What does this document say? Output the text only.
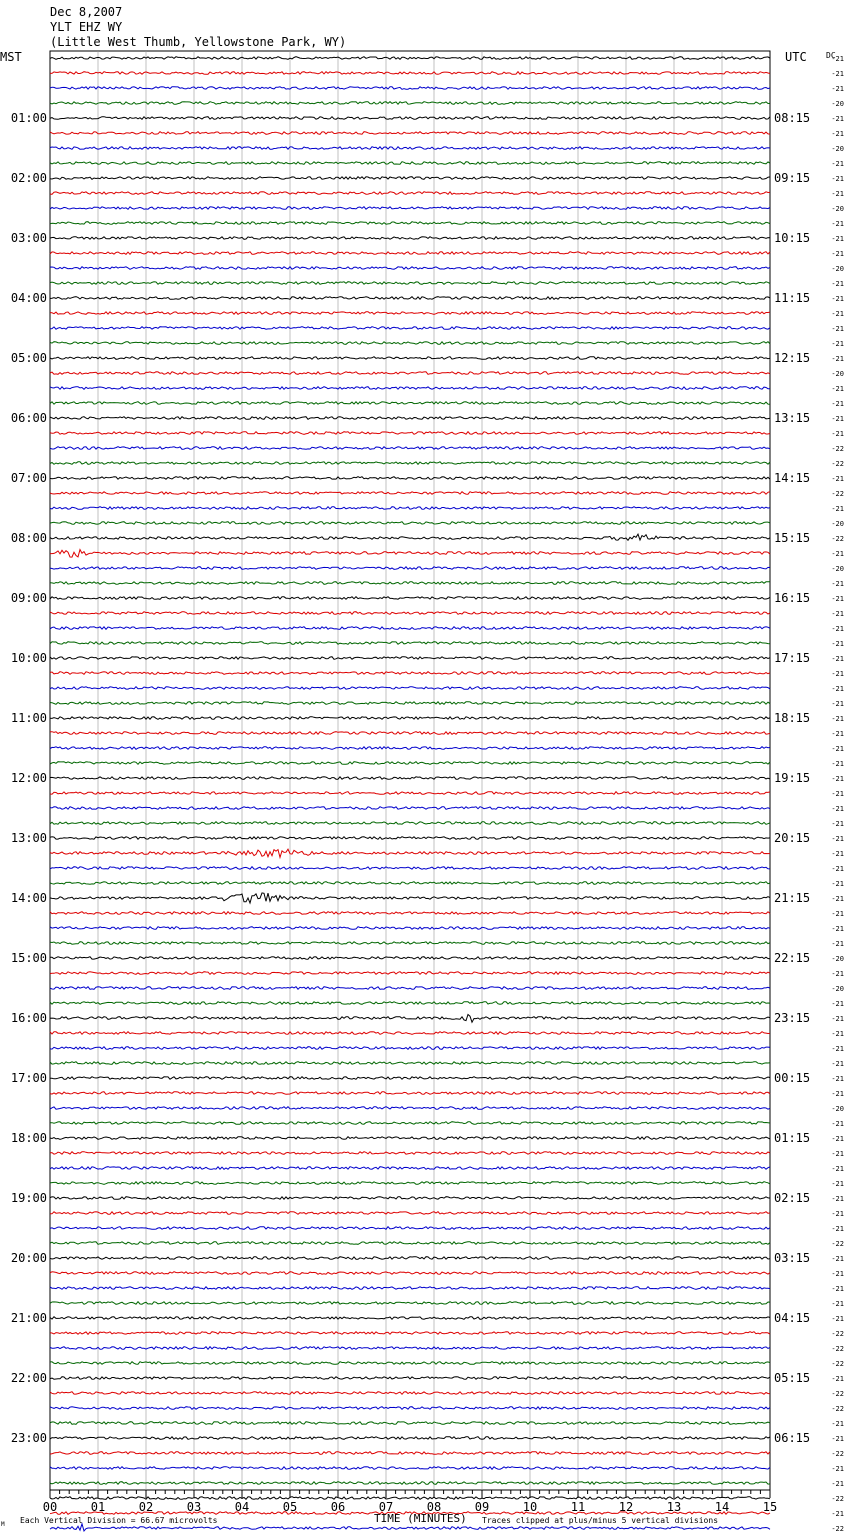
01:00
02:00
03:00
04:00
05:00
06:00
07:00
08:00
09:00
10:00
11:00
12:00
13:00
14:00
15:00
16:00
17:00
18:00
19:00
20:00
21:00
22:00
23:00
08:15
09:15
10:15
11:15
12:15
13:15
14:15
15:15
16:15
17:15
18:15
19:15
20:15
21:15
22:15
23:15
00:15
01:15
02:15
03:15
04:15
05:15
06:15
-21
-21
-21
-20
-21
-21
-20
-21
-21
-21
-20
-21
-21
-21
-20
-21
-21
-21
-21
-21
-21
-20
-21
-21
-21
-21
-22
-22
-21
-22
-21
-20
-22
-21
-20
-21
-21
-21
-21
-21
-21
-21
-21
-21
-21
-21
-21
-21
-21
-21
-21
-21
-21
-21
-21
-21
-21
-21
-21
-21
-20
-21
-20
-21
-21
-21
-21
-21
-21
-21
-20
-21
-21
-21
-21
-21
-21
-21
-21
-22
-21
-21
-21
-21
-21
-22
-22
-22
-21
-22
-22
-21
-21
-22
-21
-21
-22
-21
-22
00	01	02	03	04	05	06	07	08	09	10	11	12	13	14	15
Dec 8,2007
YLT EHZ WY
(Little West Thumb, Yellowstone Park, WY)
MST	UTC DC
M Each Vertical Division = 66.67 microvolts	TIME (MINUTES) Traces clipped at plus/minus 5 vertical divisions
